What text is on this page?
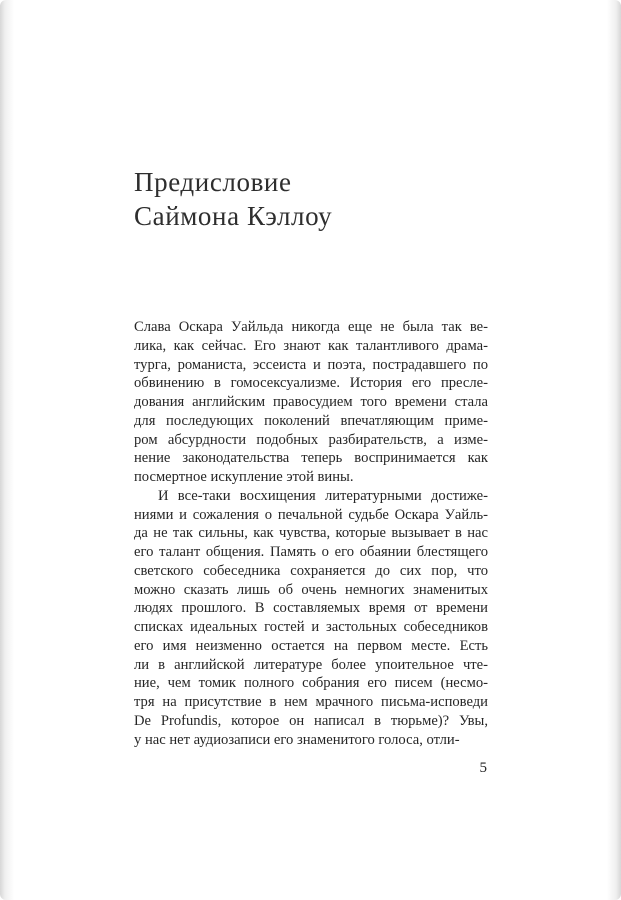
Предисловие
Саймона Кэллоу
Слава Оскара Уайльда никогда еще не была так ве-
лика, как сейчас. Его знают как талантливого драма-
турга, романиста, эссеиста и поэта, пострадавшего по
обвинению в гомосексуализме. История его пресле-
дования английским правосудием того времени стала
для последующих поколений впечатляющим приме-
ром абсурдности подобных разбирательств, а изме-
нение законодательства теперь воспринимается как
посмертное искупление этой вины.
И все-таки восхищения литературными достиже-
ниями и сожаления о печальной судьбе Оскара Уайль-
да не так сильны, как чувства, которые вызывает в нас
его талант общения. Память о его обаянии блестящего
светского собеседника сохраняется до сих пор, что
можно сказать лишь об очень немногих знаменитых
людях прошлого. В составляемых время от времени
списках идеальных гостей и застольных собеседников
его имя неизменно остается на первом месте. Есть
ли в английской литературе более упоительное чте-
ние, чем томик полного собрания его писем (несмо-
тря на присутствие в нем мрачного письма-исповеди
De Profundis, которое он написал в тюрьме)? Увы,
у нас нет аудиозаписи его знаменитого голоса, отли-
5
